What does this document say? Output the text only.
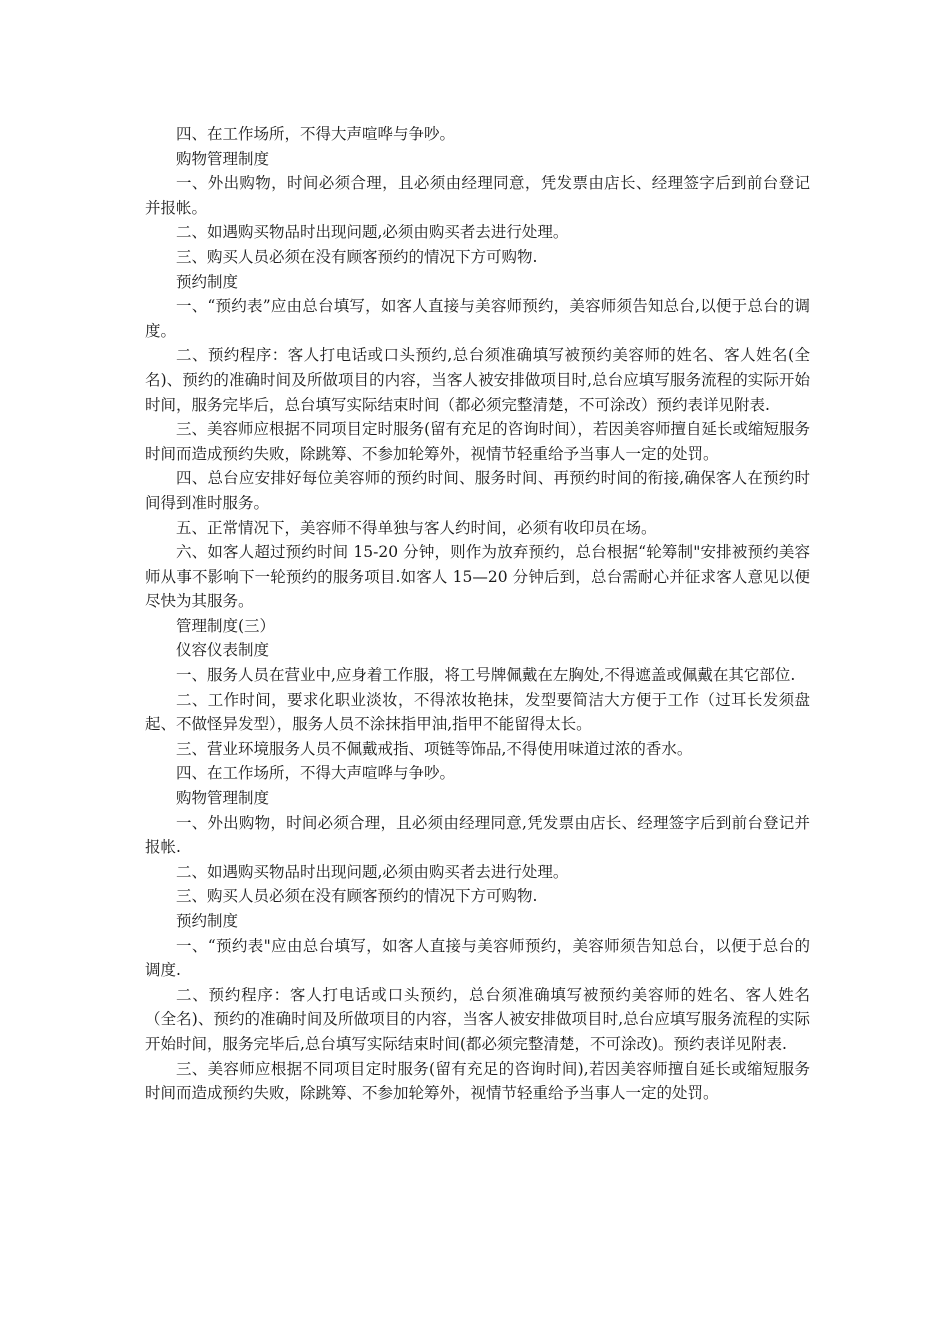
四、在工作场所，不得大声喧哗与争吵。

购物管理制度

一、外出购物，时间必须合理，且必须由经理同意，凭发票由店长、经理签字后到前台登记并报帐。

二、如遇购买物品时出现问题,必须由购买者去进行处理。

三、购买人员必须在没有顾客预约的情况下方可购物.

预约制度

一、“预约表”应由总台填写，如客人直接与美容师预约，美容师须告知总台,以便于总台的调度。

二、预约程序：客人打电话或口头预约,总台须准确填写被预约美容师的姓名、客人姓名(全名)、预约的准确时间及所做项目的内容，当客人被安排做项目时,总台应填写服务流程的实际开始时间，服务完毕后，总台填写实际结束时间（都必须完整清楚，不可涂改）预约表详见附表.

三、美容师应根据不同项目定时服务(留有充足的咨询时间），若因美容师擅自延长或缩短服务时间而造成预约失败，除跳筹、不参加轮筹外，视情节轻重给予当事人一定的处罚。

四、总台应安排好每位美容师的预约时间、服务时间、再预约时间的衔接,确保客人在预约时间得到准时服务。

五、正常情况下，美容师不得单独与客人约时间，必须有收印员在场。

六、如客人超过预约时间 15-20 分钟，则作为放弃预约，总台根据“轮筹制"安排被预约美容师从事不影响下一轮预约的服务项目.如客人 15—20 分钟后到，总台需耐心并征求客人意见以便尽快为其服务。

管理制度(三）

仪容仪表制度

一、服务人员在营业中,应身着工作服，将工号牌佩戴在左胸处,不得遮盖或佩戴在其它部位.

二、工作时间，要求化职业淡妆，不得浓妆艳抹，发型要简洁大方便于工作（过耳长发须盘起、不做怪异发型），服务人员不涂抹指甲油,指甲不能留得太长。

三、营业环境服务人员不佩戴戒指、项链等饰品,不得使用味道过浓的香水。

四、在工作场所，不得大声喧哗与争吵。

购物管理制度

一、外出购物，时间必须合理，且必须由经理同意,凭发票由店长、经理签字后到前台登记并报帐.

二、如遇购买物品时出现问题,必须由购买者去进行处理。

三、购买人员必须在没有顾客预约的情况下方可购物.

预约制度

一、“预约表"应由总台填写，如客人直接与美容师预约，美容师须告知总台，以便于总台的调度.

二、预约程序：客人打电话或口头预约，总台须准确填写被预约美容师的姓名、客人姓名（全名)、预约的准确时间及所做项目的内容，当客人被安排做项目时,总台应填写服务流程的实际开始时间，服务完毕后,总台填写实际结束时间(都必须完整清楚，不可涂改)。预约表详见附表.

三、美容师应根据不同项目定时服务(留有充足的咨询时间),若因美容师擅自延长或缩短服务时间而造成预约失败，除跳筹、不参加轮筹外，视情节轻重给予当事人一定的处罚。
